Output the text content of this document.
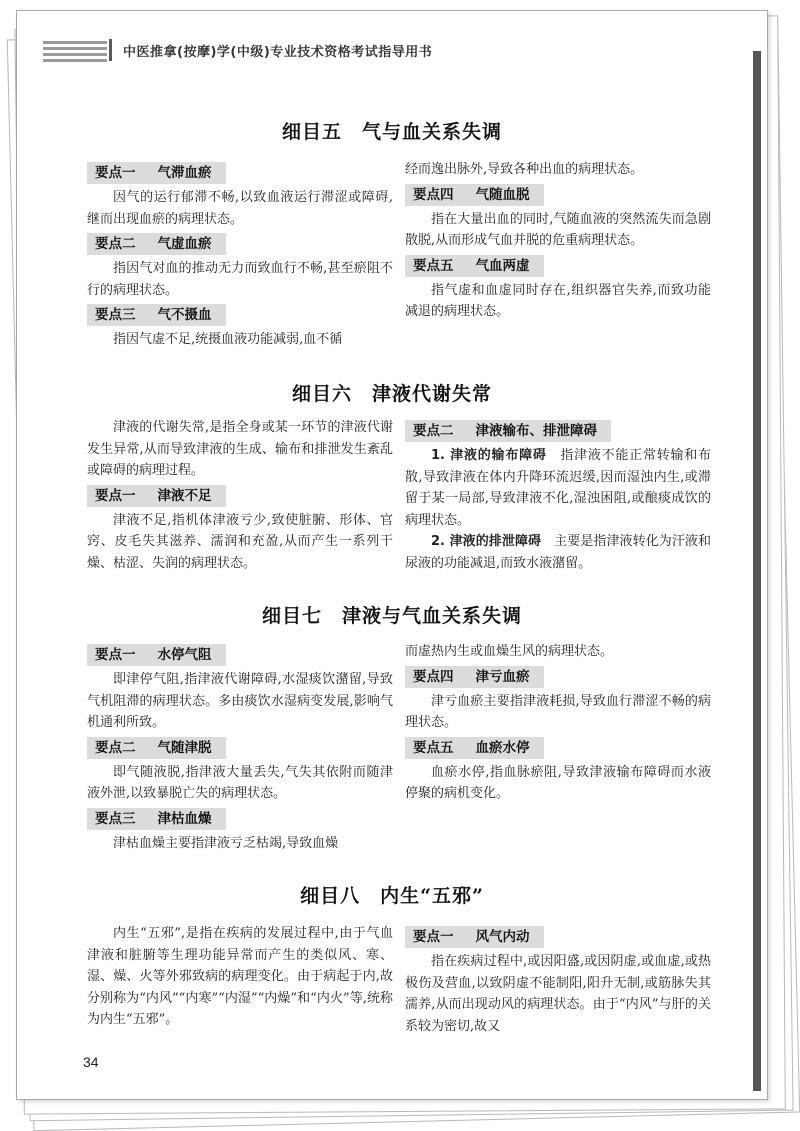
中医推拿(按摩)学(中级)专业技术资格考试指导用书
细目五　气与血关系失调
要点一 气滞血瘀

因气的运行郁滞不畅,以致血液运行滞涩或障碍,继而出现血瘀的病理状态。

要点二 气虚血瘀

指因气对血的推动无力而致血行不畅,甚至瘀阻不行的病理状态。

要点三 气不摄血

指因气虚不足,统摄血液功能减弱,血不循

经而逸出脉外,导致各种出血的病理状态。

要点四 气随血脱

指在大量出血的同时,气随血液的突然流失而急剧散脱,从而形成气血并脱的危重病理状态。

要点五 气血两虚

指气虚和血虚同时存在,组织器官失养,而致功能减退的病理状态。

细目六　津液代谢失常

津液的代谢失常,是指全身或某一环节的津液代谢发生异常,从而导致津液的生成、输布和排泄发生紊乱或障碍的病理过程。

要点一 津液不足

津液不足,指机体津液亏少,致使脏腑、形体、官窍、皮毛失其滋养、濡润和充盈,从而产生一系列干燥、枯涩、失润的病理状态。

要点二 津液输布、排泄障碍

1. 津液的输布障碍　指津液不能正常转输和布散,导致津液在体内升降环流迟缓,因而湿浊内生,或滞留于某一局部,导致津液不化,湿浊困阻,或酿痰成饮的病理状态。

2. 津液的排泄障碍　主要是指津液转化为汗液和尿液的功能减退,而致水液潴留。

细目七　津液与气血关系失调
要点一 水停气阻

即津停气阻,指津液代谢障碍,水湿痰饮潴留,导致气机阻滞的病理状态。多由痰饮水湿病变发展,影响气机通利所致。

要点二 气随津脱

即气随液脱,指津液大量丢失,气失其依附而随津液外泄,以致暴脱亡失的病理状态。

要点三 津枯血燥

津枯血燥主要指津液亏乏枯竭,导致血燥

而虚热内生或血燥生风的病理状态。

要点四 津亏血瘀

津亏血瘀主要指津液耗损,导致血行滞涩不畅的病理状态。

要点五 血瘀水停

血瘀水停,指血脉瘀阻,导致津液输布障碍而水液停聚的病机变化。

细目八　内生“五邪”

内生“五邪”,是指在疾病的发展过程中,由于气血津液和脏腑等生理功能异常而产生的类似风、寒、湿、燥、火等外邪致病的病理变化。由于病起于内,故分别称为“内风”“内寒”“内湿”“内燥”和“内火”等,统称为内生“五邪”。

要点一 风气内动

指在疾病过程中,或因阳盛,或因阴虚,或血虚,或热极伤及营血,以致阴虚不能制阳,阳升无制,或筋脉失其濡养,从而出现动风的病理状态。由于“内风”与肝的关系较为密切,故又

34
